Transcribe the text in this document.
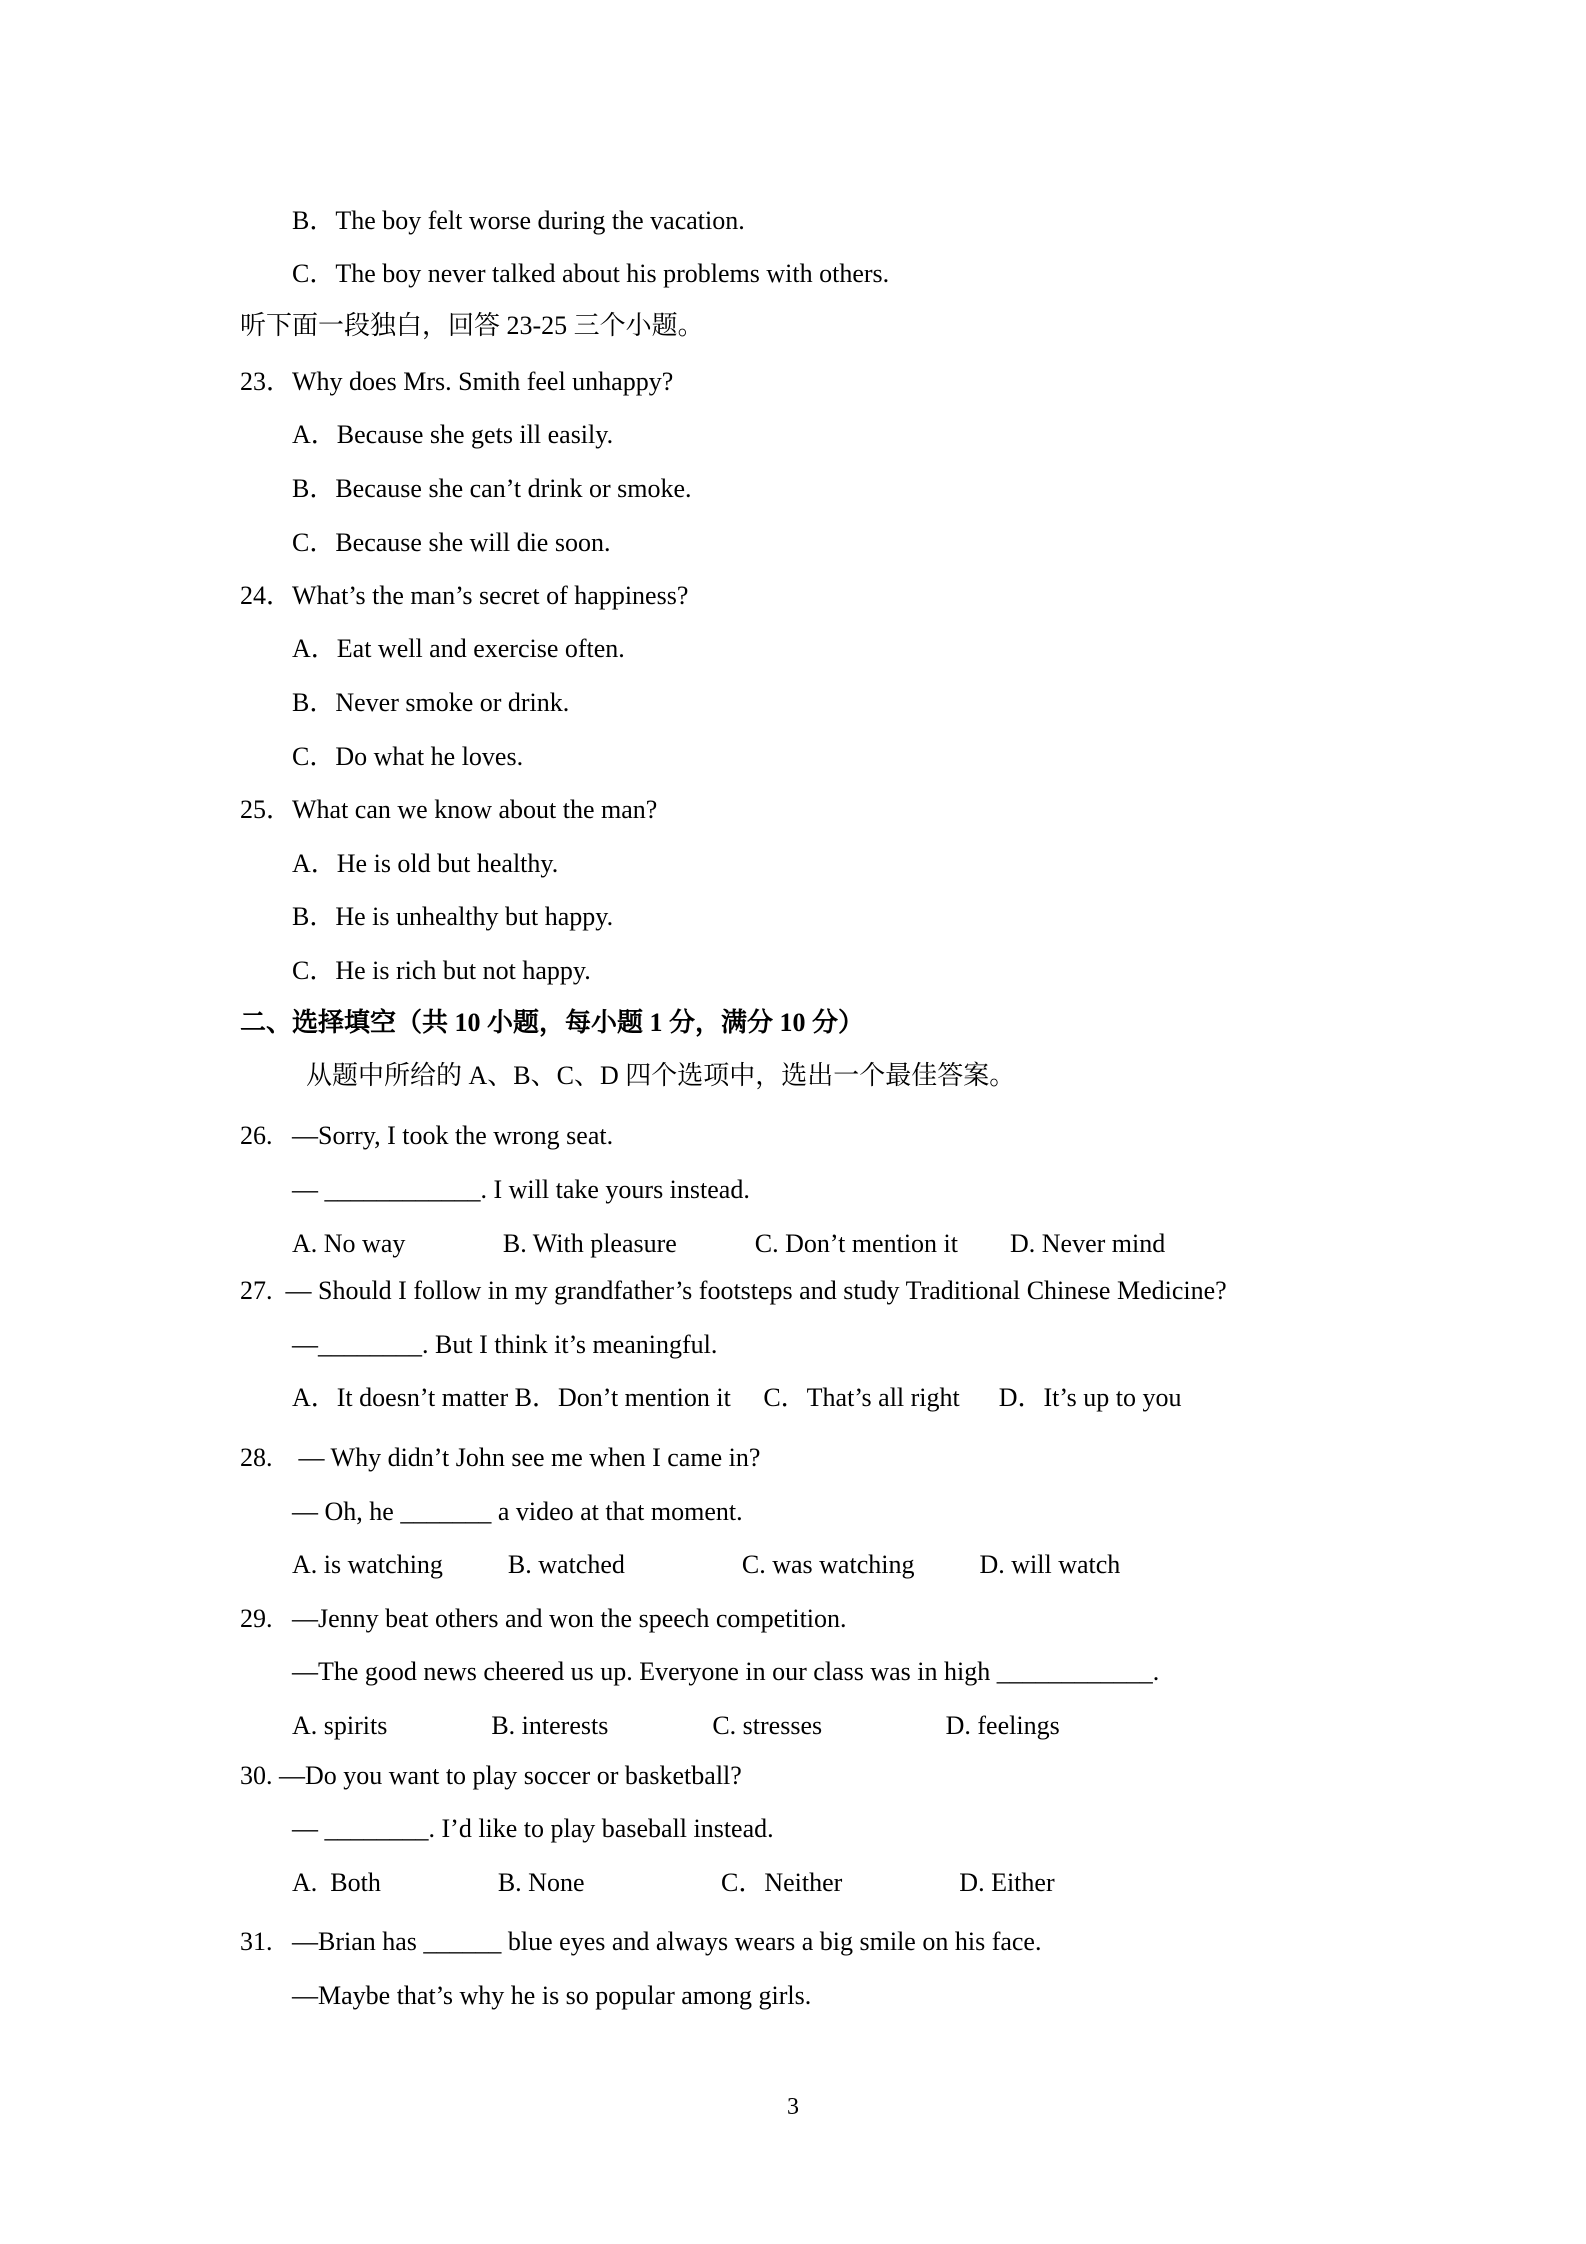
B．The boy felt worse during the vacation.
C．The boy never talked about his problems with others.
听下面一段独白，回答 23-25 三个小题。
23．Why does Mrs. Smith feel unhappy?
A．Because she gets ill easily.
B．Because she can’t drink or smoke.
C．Because she will die soon.
24．What’s the man’s secret of happiness?
A．Eat well and exercise often.
B．Never smoke or drink.
C．Do what he loves.
25．What can we know about the man?
A．He is old but healthy.
B．He is unhealthy but happy.
C．He is rich but not happy.
二、选择填空（共 10 小题，每小题 1 分，满分 10 分）
从题中所给的 A、B、C、D 四个选项中，选出一个最佳答案。
26.   —Sorry, I took the wrong seat.
— ____________. I will take yours instead.
A. No way               B. With pleasure            C. Don’t mention it        D. Never mind
27.  — Should I follow in my grandfather’s footsteps and study Traditional Chinese Medicine?
—________. But I think it’s meaningful.
A．It doesn’t matter B．Don’t mention it     C．That’s all right      D．It’s up to you
28.    — Why didn’t John see me when I came in?
— Oh, he _______ a video at that moment.
A. is watching          B. watched                  C. was watching          D. will watch
29.   —Jenny beat others and won the speech competition.
—The good news cheered us up. Everyone in our class was in high ____________.
A. spirits                B. interests                C. stresses                   D. feelings
30. —Do you want to play soccer or basketball?
— ________. I’d like to play baseball instead.
A.  Both                  B. None                     C．Neither                  D. Either
31.   —Brian has ______ blue eyes and always wears a big smile on his face.
—Maybe that’s why he is so popular among girls.
3
